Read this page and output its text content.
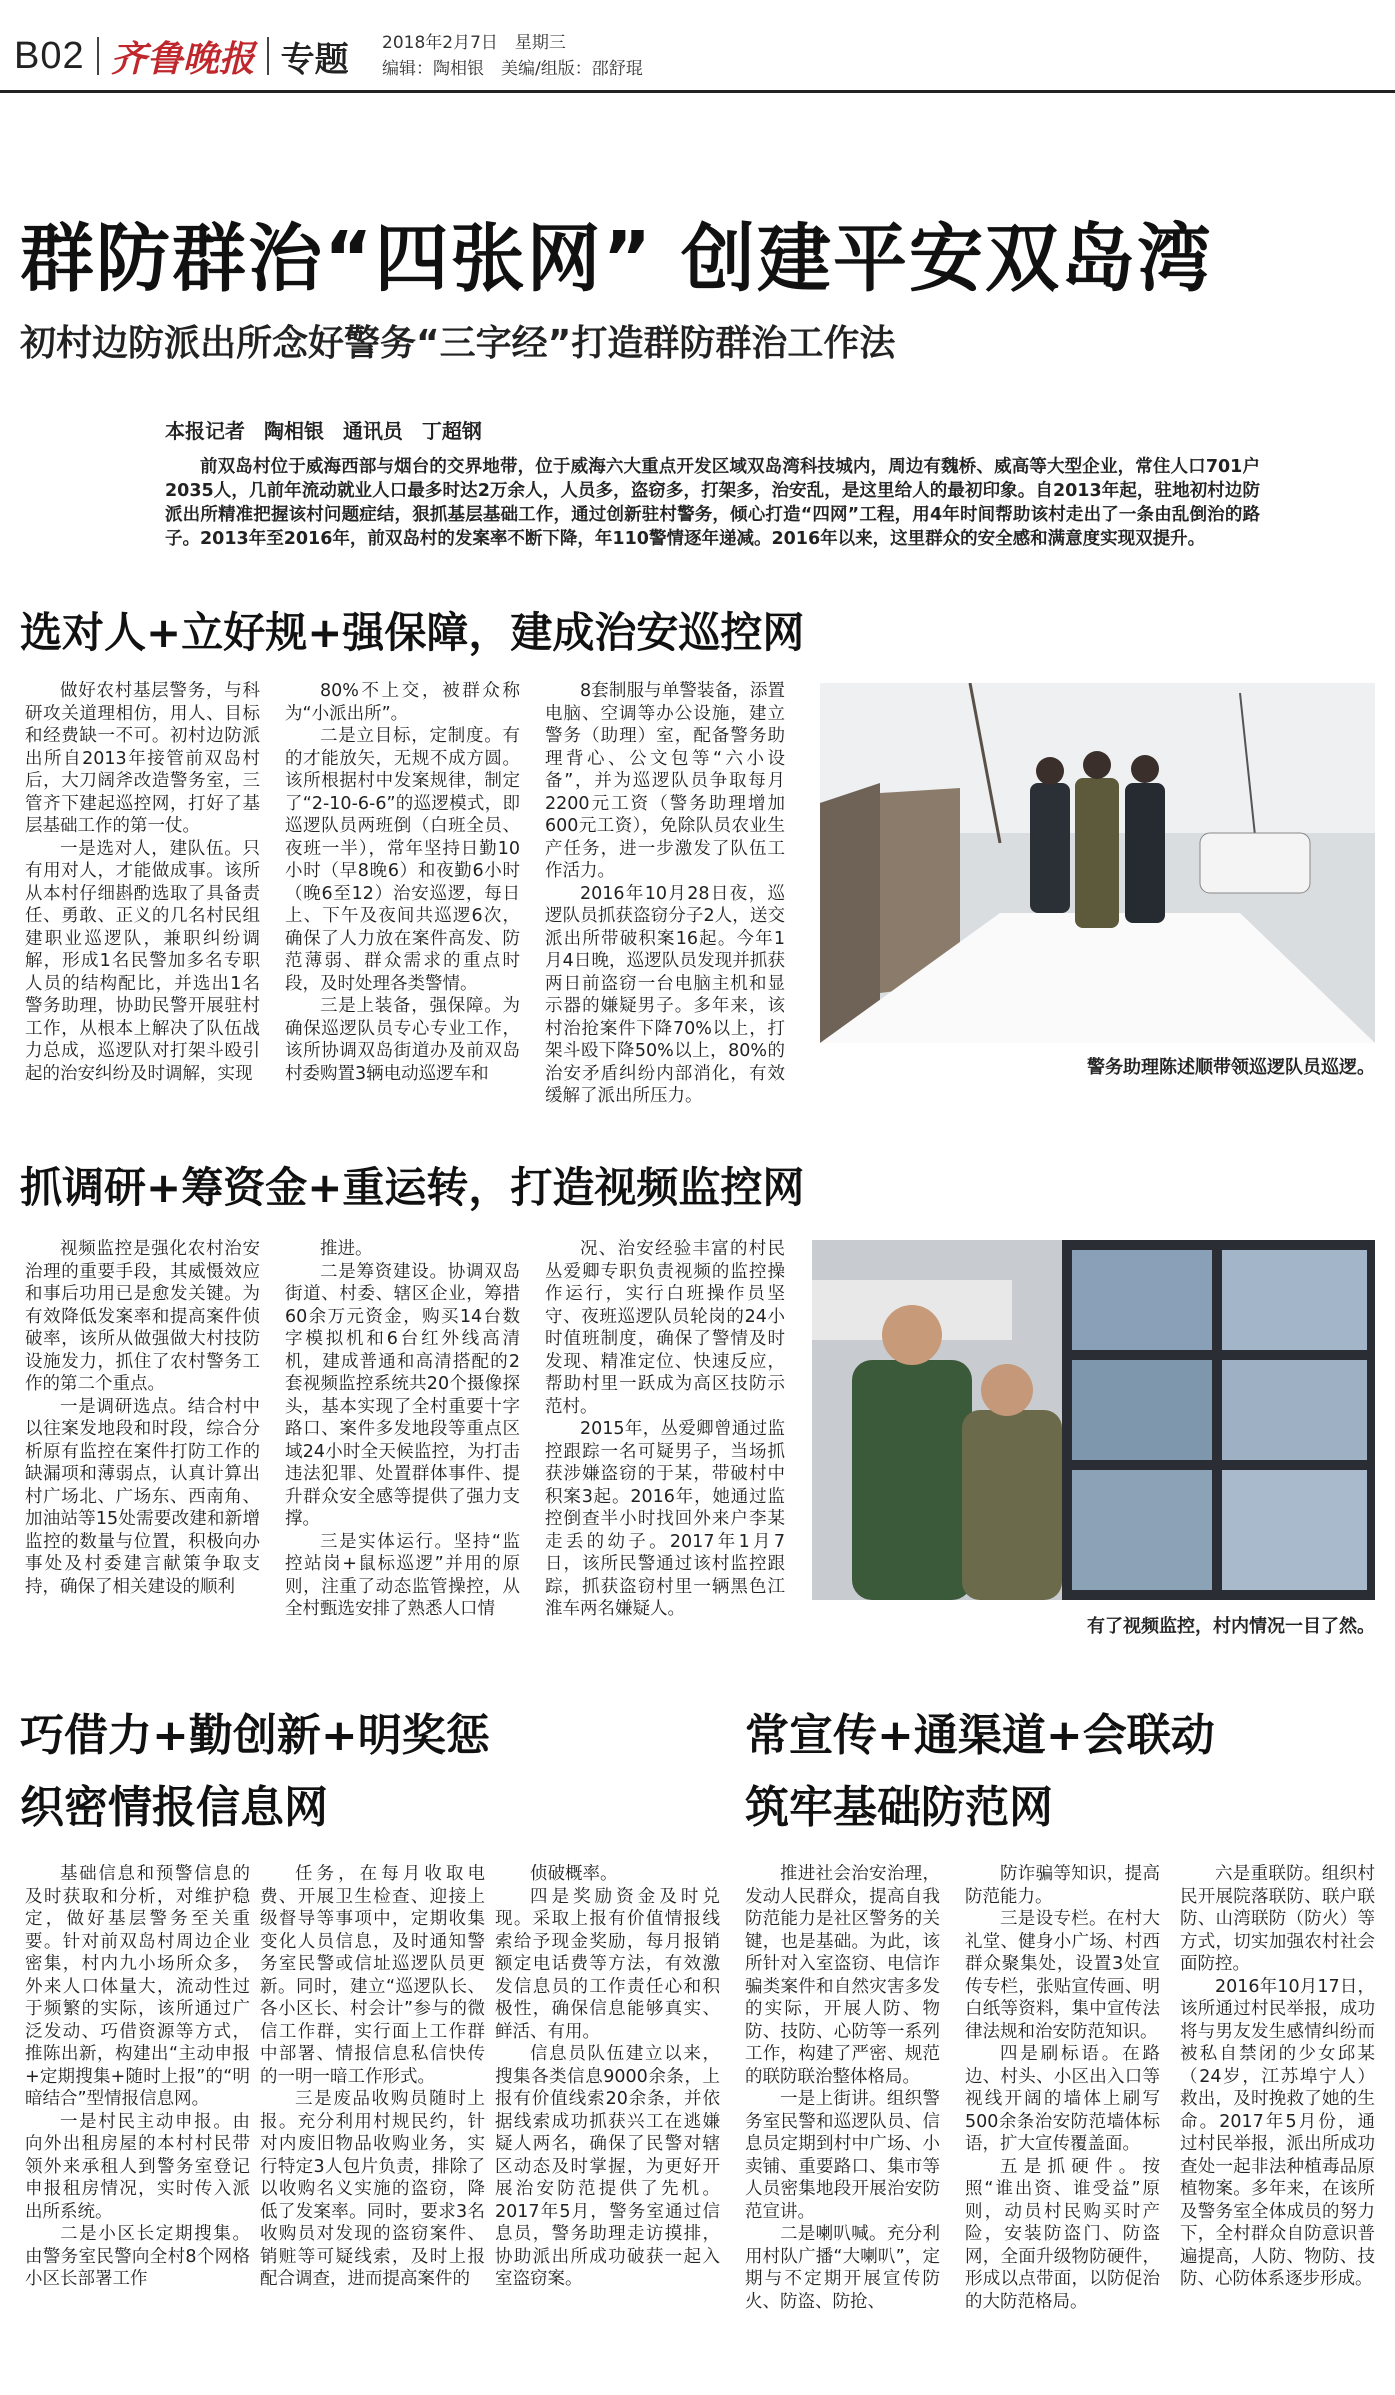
B02 齐鲁晚报 专题 2018年2月7日　星期三
编辑：陶相银　美编/组版：邵舒琨
群防群治“四张网” 创建平安双岛湾
初村边防派出所念好警务“三字经”打造群防群治工作法
本报记者 陶相银 通讯员 丁超钢
前双岛村位于威海西部与烟台的交界地带，位于威海六大重点开发区域双岛湾科技城内，周边有魏桥、威高等大型企业，常住人口701户2035人，几前年流动就业人口最多时达2万余人，人员多，盗窃多，打架多，治安乱，是这里给人的最初印象。自2013年起，驻地初村边防派出所精准把握该村问题症结，狠抓基层基础工作，通过创新驻村警务，倾心打造“四网”工程，用4年时间帮助该村走出了一条由乱倒治的路子。2013年至2016年，前双岛村的发案率不断下降，年110警情逐年递减。2016年以来，这里群众的安全感和满意度实现双提升。
选对人+立好规+强保障，建成治安巡控网

做好农村基层警务，与科研攻关道理相仿，用人、目标和经费缺一不可。初村边防派出所自2013年接管前双岛村后，大刀阔斧改造警务室，三管齐下建起巡控网，打好了基层基础工作的第一仗。

一是选对人，建队伍。只有用对人，才能做成事。该所从本村仔细斟酌选取了具备责任、勇敢、正义的几名村民组建职业巡逻队，兼职纠纷调解，形成1名民警加多名专职人员的结构配比，并选出1名警务助理，协助民警开展驻村工作，从根本上解决了队伍战力总成，巡逻队对打架斗殴引起的治安纠纷及时调解，实现

80%不上交，被群众称为“小派出所”。

二是立目标，定制度。有的才能放矢，无规不成方圆。该所根据村中发案规律，制定了“2-10-6-6”的巡逻模式，即巡逻队员两班倒（白班全员、夜班一半），常年坚持日勤10小时（早8晚6）和夜勤6小时（晚6至12）治安巡逻，每日上、下午及夜间共巡逻6次，确保了人力放在案件高发、防范薄弱、群众需求的重点时段，及时处理各类警情。

三是上装备，强保障。为确保巡逻队员专心专业工作，该所协调双岛街道办及前双岛村委购置3辆电动巡逻车和

8套制服与单警装备，添置电脑、空调等办公设施，建立警务（助理）室，配备警务助理背心、公文包等“六小设备”，并为巡逻队员争取每月2200元工资（警务助理增加600元工资），免除队员农业生产任务，进一步激发了队伍工作活力。

2016年10月28日夜，巡逻队员抓获盗窃分子2人，送交派出所带破积案16起。今年1月4日晚，巡逻队员发现并抓获两日前盗窃一台电脑主机和显示器的嫌疑男子。多年来，该村治抢案件下降70%以上，打架斗殴下降50%以上，80%的治安矛盾纠纷内部消化，有效缓解了派出所压力。

警务助理陈述顺带领巡逻队员巡逻。
抓调研+筹资金+重运转，打造视频监控网

视频监控是强化农村治安治理的重要手段，其威慑效应和事后功用已是愈发关键。为有效降低发案率和提高案件侦破率，该所从做强做大村技防设施发力，抓住了农村警务工作的第二个重点。

一是调研选点。结合村中以往案发地段和时段，综合分析原有监控在案件打防工作的缺漏项和薄弱点，认真计算出村广场北、广场东、西南角、加油站等15处需要改建和新增监控的数量与位置，积极向办事处及村委建言献策争取支持，确保了相关建设的顺利

推进。

二是筹资建设。协调双岛街道、村委、辖区企业，筹措60余万元资金，购买14台数字模拟机和6台红外线高清机，建成普通和高清搭配的2套视频监控系统共20个摄像探头，基本实现了全村重要十字路口、案件多发地段等重点区域24小时全天候监控，为打击违法犯罪、处置群体事件、提升群众安全感等提供了强力支撑。

三是实体运行。坚持“监控站岗+鼠标巡逻”并用的原则，注重了动态监管操控，从全村甄选安排了熟悉人口情

况、治安经验丰富的村民丛爱卿专职负责视频的监控操作运行，实行白班操作员坚守、夜班巡逻队员轮岗的24小时值班制度，确保了警情及时发现、精准定位、快速反应，帮助村里一跃成为高区技防示范村。

2015年，丛爱卿曾通过监控跟踪一名可疑男子，当场抓获涉嫌盗窃的于某，带破村中积案3起。2016年，她通过监控倒查半小时找回外来户李某走丢的幼子。2017年1月7日，该所民警通过该村监控跟踪，抓获盗窃村里一辆黑色江淮车两名嫌疑人。

有了视频监控，村内情况一目了然。
巧借力+勤创新+明奖惩
织密情报信息网

基础信息和预警信息的及时获取和分析，对维护稳定，做好基层警务至关重要。针对前双岛村周边企业密集，村内九小场所众多，外来人口体量大，流动性过于频繁的实际，该所通过广泛发动、巧借资源等方式，推陈出新，构建出“主动申报+定期搜集+随时上报”的“明暗结合”型情报信息网。

一是村民主动申报。由向外出租房屋的本村村民带领外来承租人到警务室登记申报租房情况，实时传入派出所系统。

二是小区长定期搜集。由警务室民警向全村8个网格小区长部署工作

任务，在每月收取电费、开展卫生检查、迎接上级督导等事项中，定期收集变化人员信息，及时通知警务室民警或信址巡逻队员更新。同时，建立“巡逻队长、各小区长、村会计”参与的微信工作群，实行面上工作群中部署、情报信息私信快传的一明一暗工作形式。

三是废品收购员随时上报。充分利用村规民约，针对内废旧物品收购业务，实行特定3人包片负责，排除了以收购名义实施的盗窃，降低了发案率。同时，要求3名收购员对发现的盗窃案件、销赃等可疑线索，及时上报配合调查，进而提高案件的

侦破概率。

四是奖励资金及时兑现。采取上报有价值情报线索给予现金奖励，每月报销额定电话费等方法，有效激发信息员的工作责任心和积极性，确保信息能够真实、鲜活、有用。

信息员队伍建立以来，搜集各类信息9000余条，上报有价值线索20余条，并依据线索成功抓获兴工在逃嫌疑人两名，确保了民警对辖区动态及时掌握，为更好开展治安防范提供了先机。2017年5月，警务室通过信息员，警务助理走访摸排，协助派出所成功破获一起入室盗窃案。

常宣传+通渠道+会联动
筑牢基础防范网

推进社会治安治理，发动人民群众，提高自我防范能力是社区警务的关键，也是基础。为此，该所针对入室盗窃、电信诈骗类案件和自然灾害多发的实际，开展人防、物防、技防、心防等一系列工作，构建了严密、规范的联防联治整体格局。

一是上街讲。组织警务室民警和巡逻队员、信息员定期到村中广场、小卖铺、重要路口、集市等人员密集地段开展治安防范宣讲。

二是喇叭喊。充分利用村队广播“大喇叭”，定期与不定期开展宣传防火、防盗、防抢、

防诈骗等知识，提高防范能力。

三是设专栏。在村大礼堂、健身小广场、村西群众聚集处，设置3处宣传专栏，张贴宣传画、明白纸等资料，集中宣传法律法规和治安防范知识。

四是刷标语。在路边、村头、小区出入口等视线开阔的墙体上刷写500余条治安防范墙体标语，扩大宣传覆盖面。

五是抓硬件。按照“谁出资、谁受益”原则，动员村民购买时产险，安装防盗门、防盗网，全面升级物防硬件，形成以点带面，以防促治的大防范格局。

六是重联防。组织村民开展院落联防、联户联防、山湾联防（防火）等方式，切实加强农村社会面防控。

2016年10月17日，该所通过村民举报，成功将与男友发生感情纠纷而被私自禁闭的少女邱某（24岁，江苏埠宁人）救出，及时挽救了她的生命。2017年5月份，通过村民举报，派出所成功查处一起非法种植毒品原植物案。多年来，在该所及警务室全体成员的努力下，全村群众自防意识普遍提高，人防、物防、技防、心防体系逐步形成。
